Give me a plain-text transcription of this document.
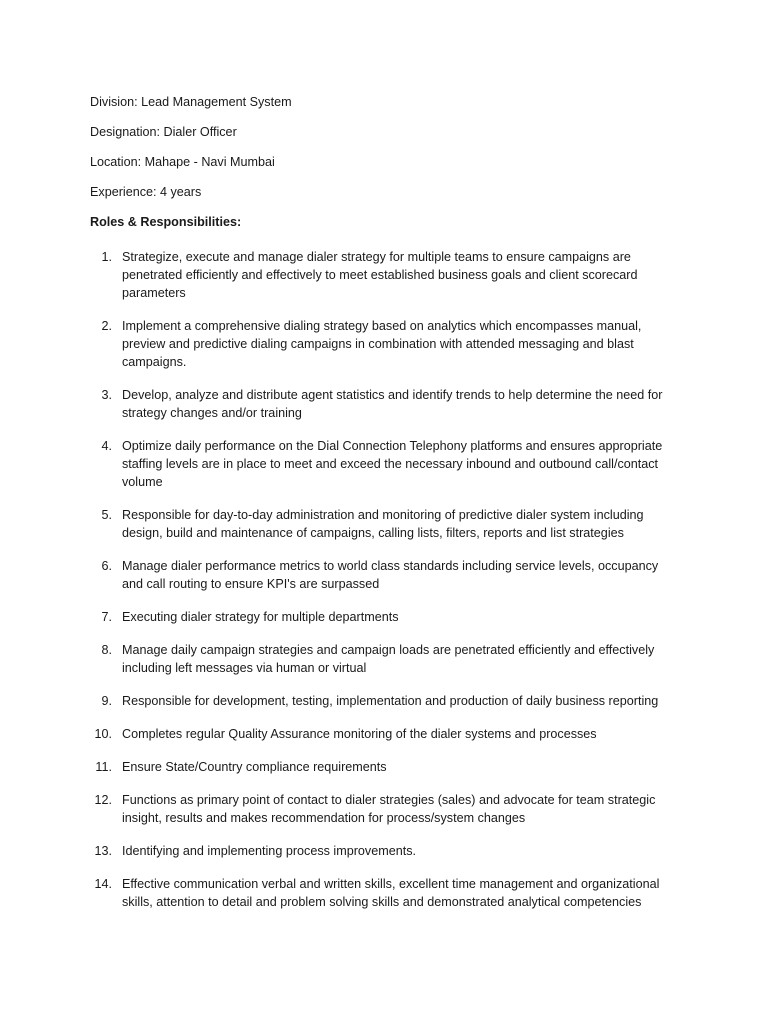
Division: Lead Management System
Designation: Dialer Officer
Location: Mahape - Navi Mumbai
Experience: 4 years
Roles & Responsibilities:
1. Strategize, execute and manage dialer strategy for multiple teams to ensure campaigns are penetrated efficiently and effectively to meet established business goals and client scorecard parameters
2. Implement a comprehensive dialing strategy based on analytics which encompasses manual, preview and predictive dialing campaigns in combination with attended messaging and blast campaigns.
3. Develop, analyze and distribute agent statistics and identify trends to help determine the need for strategy changes and/or training
4. Optimize daily performance on the Dial Connection Telephony platforms and ensures appropriate staffing levels are in place to meet and exceed the necessary inbound and outbound call/contact volume
5. Responsible for day-to-day administration and monitoring of predictive dialer system including design, build and maintenance of campaigns, calling lists, filters, reports and list strategies
6. Manage dialer performance metrics to world class standards including service levels, occupancy and call routing to ensure KPI's are surpassed
7. Executing dialer strategy for multiple departments
8. Manage daily campaign strategies and campaign loads are penetrated efficiently and effectively including left messages via human or virtual
9. Responsible for development, testing, implementation and production of daily business reporting
10. Completes regular Quality Assurance monitoring of the dialer systems and processes
11. Ensure State/Country compliance requirements
12. Functions as primary point of contact to dialer strategies (sales) and advocate for team strategic insight, results and makes recommendation for process/system changes
13. Identifying and implementing process improvements.
14. Effective communication verbal and written skills, excellent time management and organizational skills, attention to detail and problem solving skills and demonstrated analytical competencies
